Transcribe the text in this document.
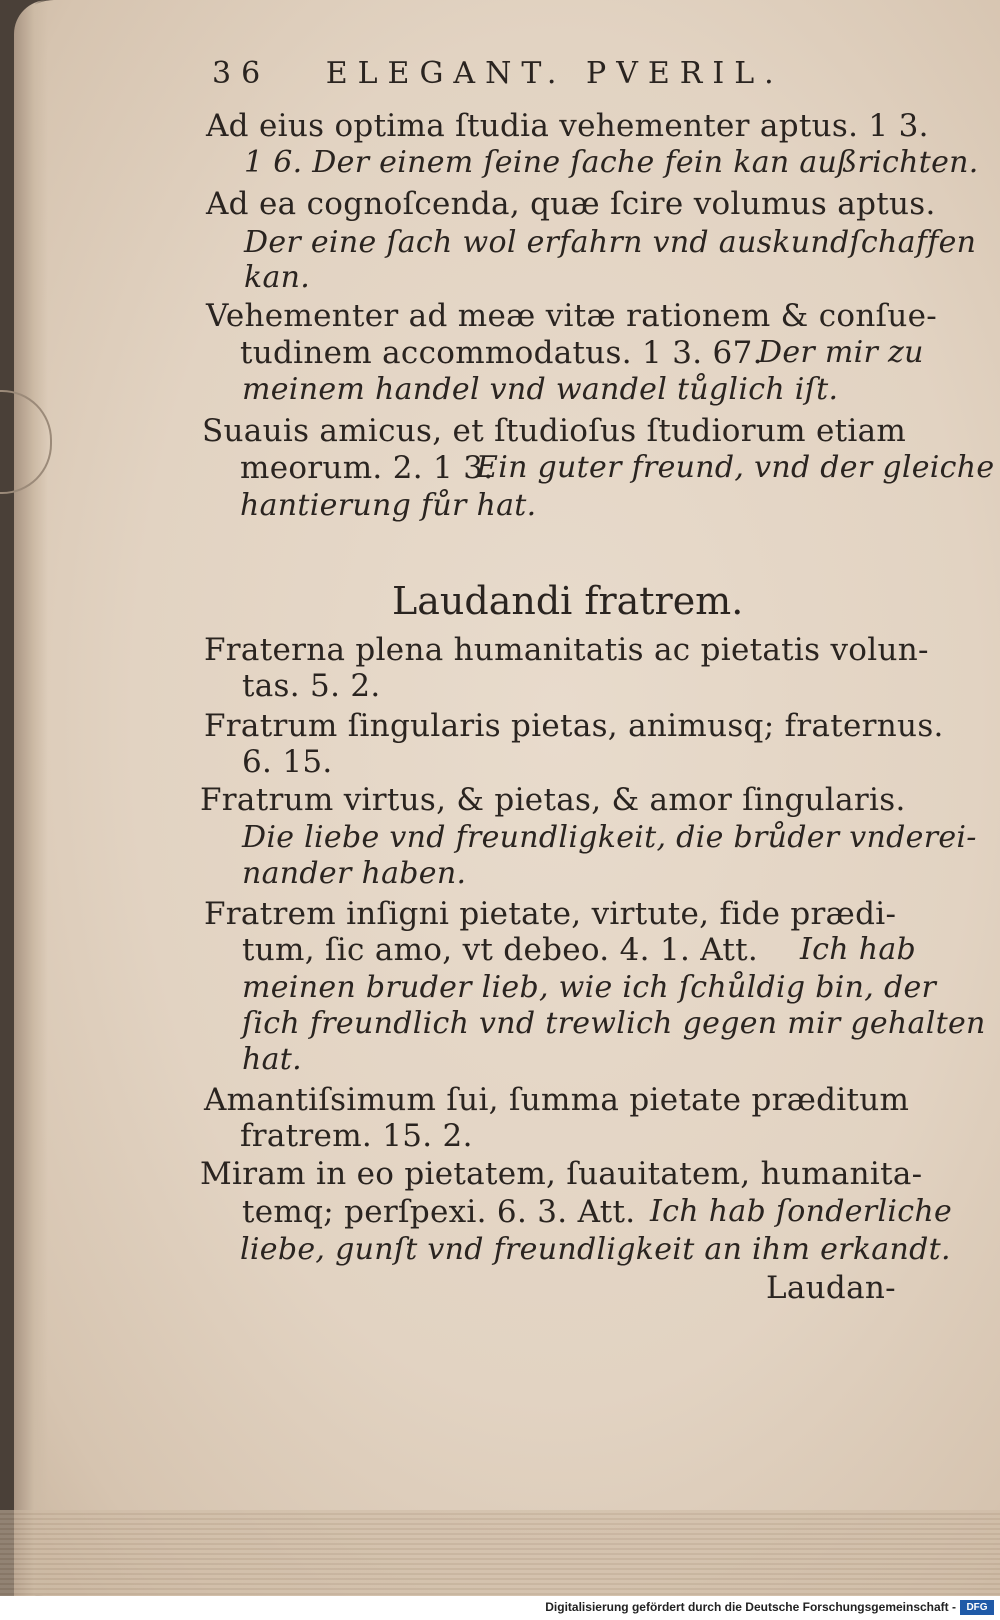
36 ELEGANT. PVERIL.
Ad eius optima ſtudia vehementer aptus. 1 3.
1 6. Der einem ſeine ſache fein kan außrichten.
Ad ea cognoſcenda, quæ ſcire volumus aptus.
Der eine ſach wol erfahrn vnd auskundſchaffen
kan.
Vehementer ad meæ vitæ rationem & conſue-
tudinem accommodatus. 1 3. 67.
Der mir zu
meinem handel vnd wandel tůglich iſt.
Suauis amicus, et ſtudioſus ſtudiorum etiam
meorum. 2. 1 3.
Ein guter freund, vnd der gleiche
hantierung fůr hat.
Laudandi fratrem.
Fraterna plena humanitatis ac pietatis volun-
tas. 5. 2.
Fratrum ſingularis pietas, animusq; fraternus.
6. 15.
Fratrum virtus, & pietas, & amor ſingularis.
Die liebe vnd freundligkeit, die brůder vnderei-
nander haben.
Fratrem inſigni pietate, virtute, fide prædi-
tum, ſic amo, vt debeo. 4. 1. Att. Ich hab
meinen bruder lieb, wie ich ſchůldig bin, der
ſich freundlich vnd trewlich gegen mir gehalten
hat.
Amantiſsimum ſui, ſumma pietate præditum
fratrem. 15. 2.
Miram in eo pietatem, ſuauitatem, humanita-
temq; perſpexi. 6. 3. Att. Ich hab ſonderliche
liebe, gunſt vnd freundligkeit an ihm erkandt.
Laudan-
Digitalisierung gefördert durch die Deutsche Forschungsgemeinschaft -	DFG
